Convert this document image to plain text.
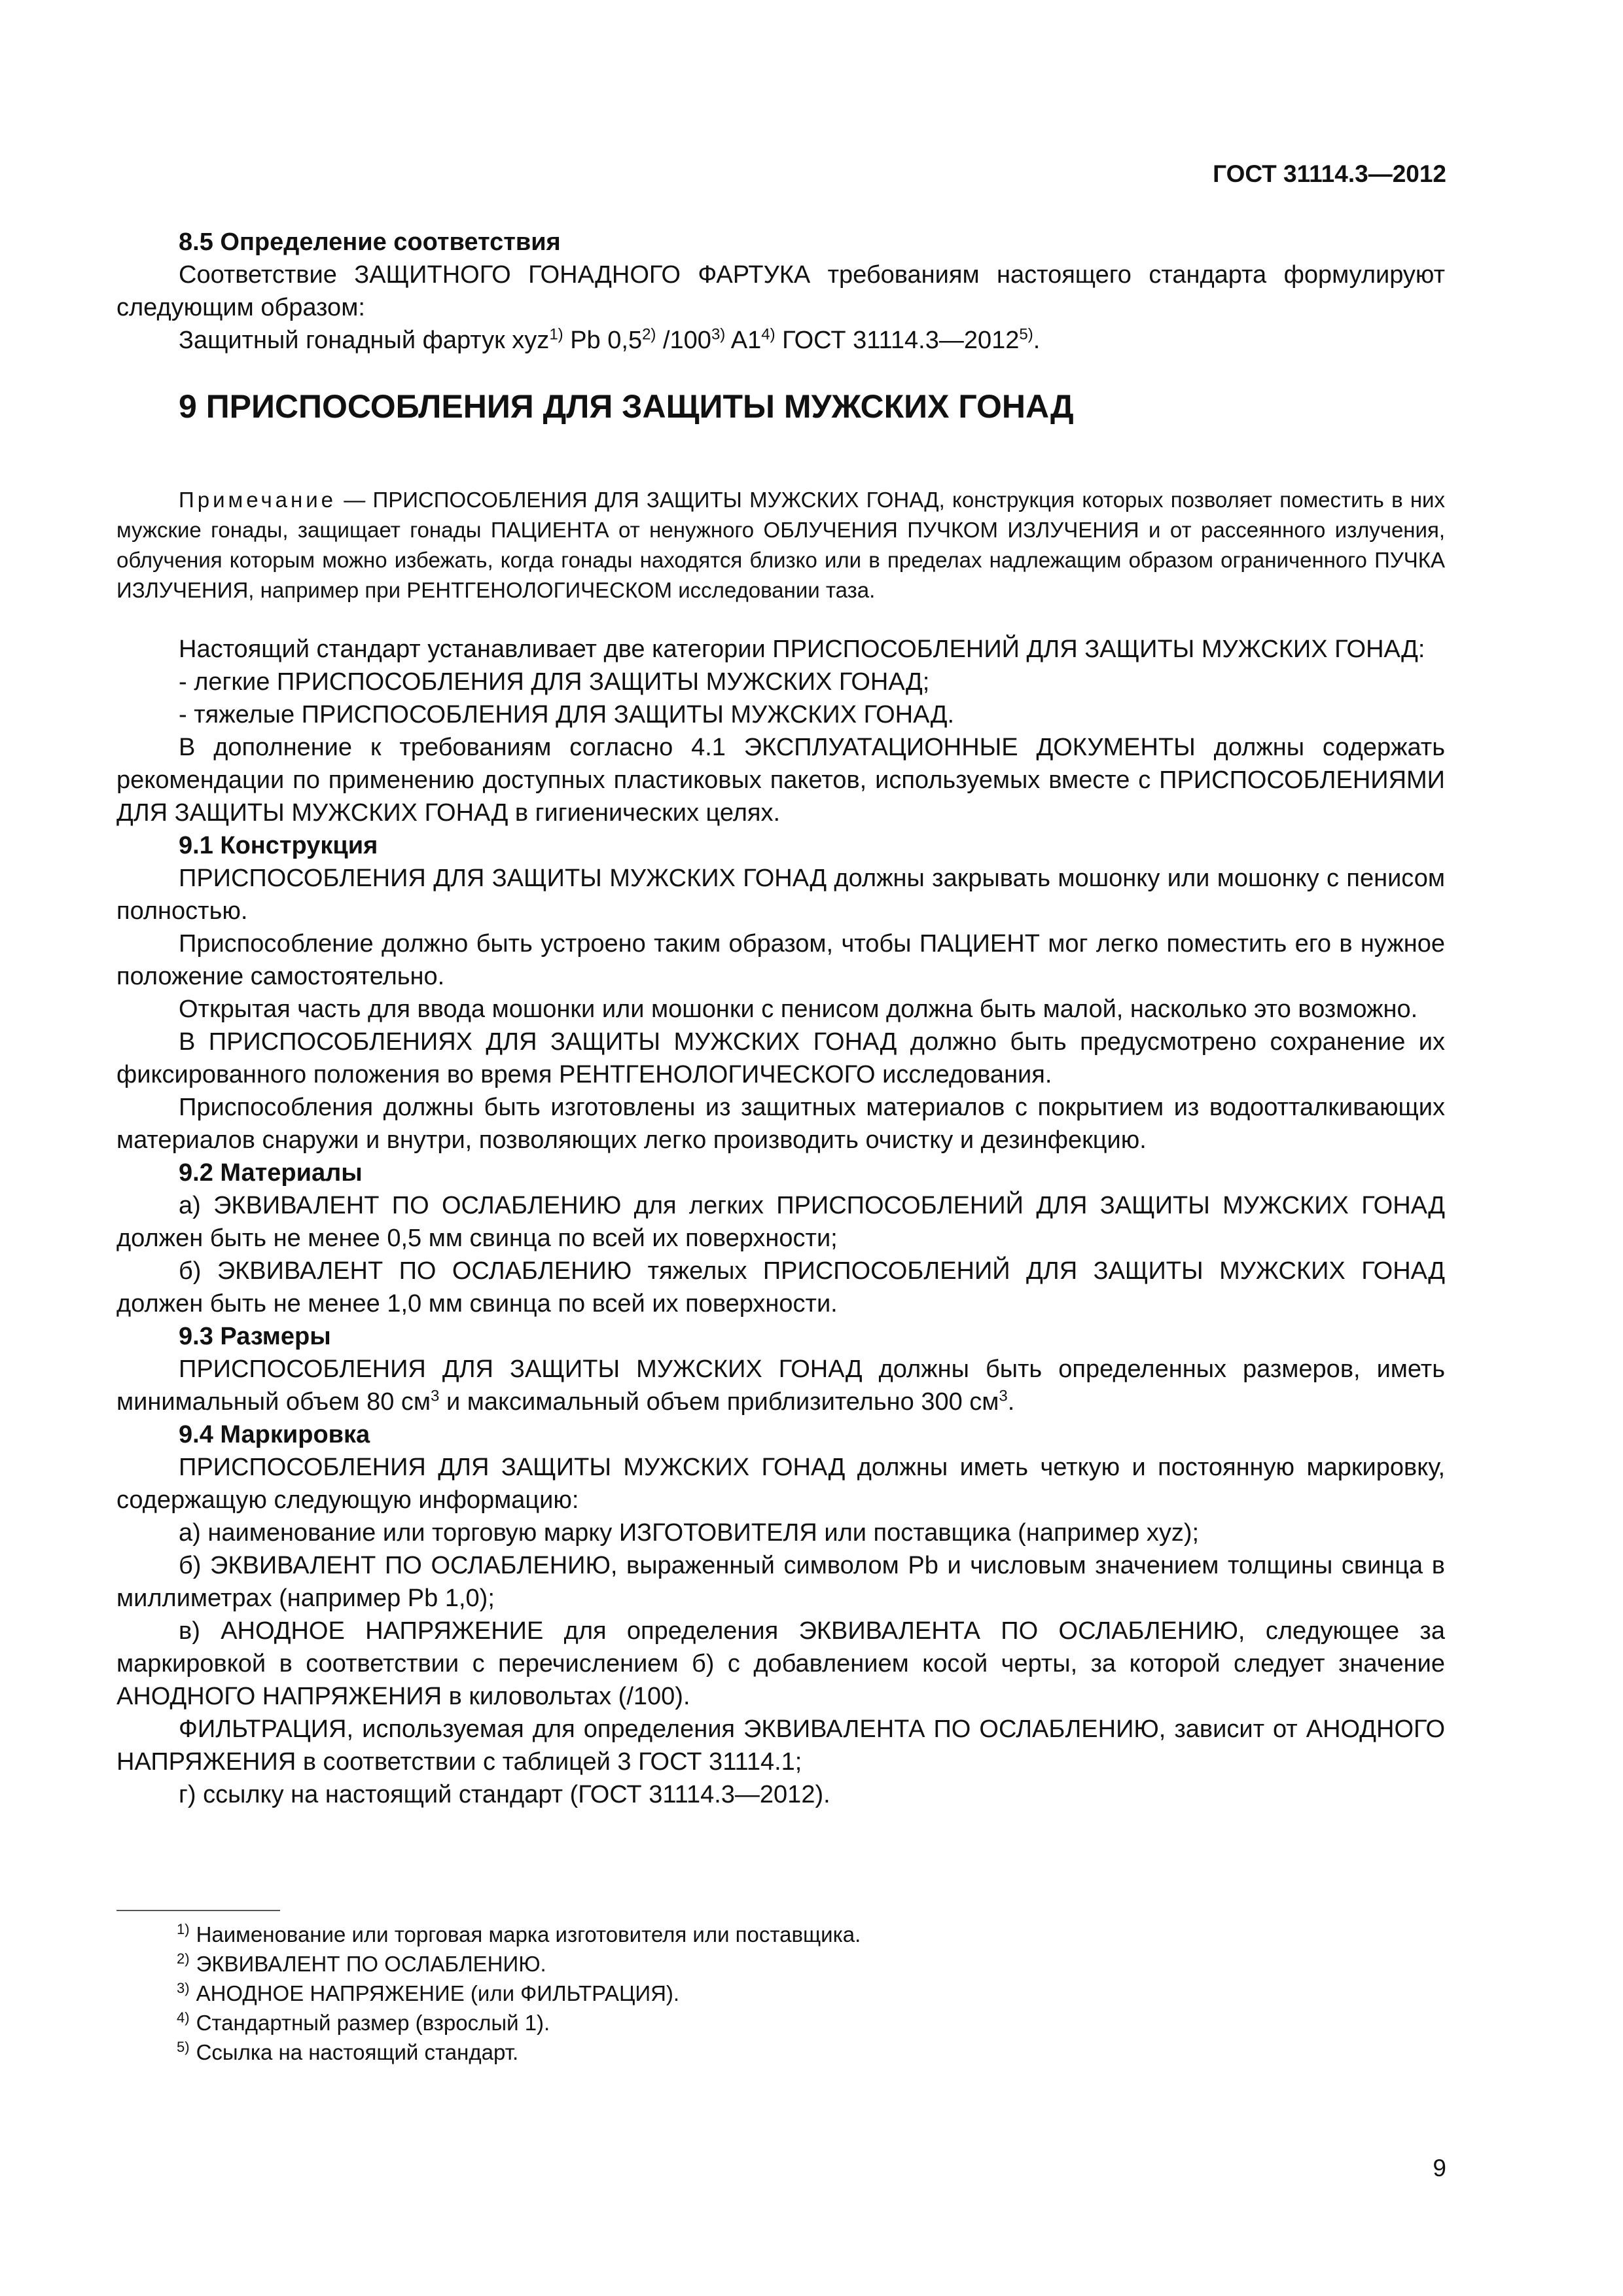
ГОСТ 31114.3—2012

8.5 Определение соответствия

Соответствие ЗАЩИТНОГО ГОНАДНОГО ФАРТУКА требованиям настоящего стандарта формулируют следующим образом:

Защитный гонадный фартук xyz$^{1)}$ Pb 0,5$^{2)}$ /100$^{3)}$ A1$^{4)}$ ГОСТ 31114.3—2012$^{5)}$.

9 ПРИСПОСОБЛЕНИЯ ДЛЯ ЗАЩИТЫ МУЖСКИХ ГОНАД

Примечание — ПРИСПОСОБЛЕНИЯ ДЛЯ ЗАЩИТЫ МУЖСКИХ ГОНАД, конструкция которых позволяет поместить в них мужские гонады, защищает гонады ПАЦИЕНТА от ненужного ОБЛУЧЕНИЯ ПУЧКОМ ИЗЛУЧЕНИЯ и от рассеянного излучения, облучения которым можно избежать, когда гонады находятся близко или в пределах надлежащим образом ограниченного ПУЧКА ИЗЛУЧЕНИЯ, например при РЕНТГЕНОЛОГИЧЕСКОМ исследовании таза.

Настоящий стандарт устанавливает две категории ПРИСПОСОБЛЕНИЙ ДЛЯ ЗАЩИТЫ МУЖСКИХ ГОНАД:

- легкие ПРИСПОСОБЛЕНИЯ ДЛЯ ЗАЩИТЫ МУЖСКИХ ГОНАД;

- тяжелые ПРИСПОСОБЛЕНИЯ ДЛЯ ЗАЩИТЫ МУЖСКИХ ГОНАД.

В дополнение к требованиям согласно 4.1 ЭКСПЛУАТАЦИОННЫЕ ДОКУМЕНТЫ должны содержать рекомендации по применению доступных пластиковых пакетов, используемых вместе с ПРИСПОСОБЛЕНИЯМИ ДЛЯ ЗАЩИТЫ МУЖСКИХ ГОНАД в гигиенических целях.

9.1 Конструкция

ПРИСПОСОБЛЕНИЯ ДЛЯ ЗАЩИТЫ МУЖСКИХ ГОНАД должны закрывать мошонку или мошонку с пенисом полностью.

Приспособление должно быть устроено таким образом, чтобы ПАЦИЕНТ мог легко поместить его в нужное положение самостоятельно.

Открытая часть для ввода мошонки или мошонки с пенисом должна быть малой, насколько это возможно.

В ПРИСПОСОБЛЕНИЯХ ДЛЯ ЗАЩИТЫ МУЖСКИХ ГОНАД должно быть предусмотрено сохранение их фиксированного положения во время РЕНТГЕНОЛОГИЧЕСКОГО исследования.

Приспособления должны быть изготовлены из защитных материалов с покрытием из водоотталкивающих материалов снаружи и внутри, позволяющих легко производить очистку и дезинфекцию.

9.2 Материалы

а) ЭКВИВАЛЕНТ ПО ОСЛАБЛЕНИЮ для легких ПРИСПОСОБЛЕНИЙ ДЛЯ ЗАЩИТЫ МУЖСКИХ ГОНАД должен быть не менее 0,5 мм свинца по всей их поверхности;

б) ЭКВИВАЛЕНТ ПО ОСЛАБЛЕНИЮ тяжелых ПРИСПОСОБЛЕНИЙ ДЛЯ ЗАЩИТЫ МУЖСКИХ ГОНАД должен быть не менее 1,0 мм свинца по всей их поверхности.

9.3 Размеры

ПРИСПОСОБЛЕНИЯ ДЛЯ ЗАЩИТЫ МУЖСКИХ ГОНАД должны быть определенных размеров, иметь минимальный объем 80 $см^3$ и максимальный объем приблизительно 300 $см^3$.

9.4 Маркировка

ПРИСПОСОБЛЕНИЯ ДЛЯ ЗАЩИТЫ МУЖСКИХ ГОНАД должны иметь четкую и постоянную маркировку, содержащую следующую информацию:

а) наименование или торговую марку ИЗГОТОВИТЕЛЯ или поставщика (например xyz);

б) ЭКВИВАЛЕНТ ПО ОСЛАБЛЕНИЮ, выраженный символом Pb и числовым значением толщины свинца в миллиметрах (например Pb 1,0);

в) АНОДНОЕ НАПРЯЖЕНИЕ для определения ЭКВИВАЛЕНТА ПО ОСЛАБЛЕНИЮ, следующее за маркировкой в соответствии с перечислением б) с добавлением косой черты, за которой следует значение АНОДНОГО НАПРЯЖЕНИЯ в киловольтах (/100).

ФИЛЬТРАЦИЯ, используемая для определения ЭКВИВАЛЕНТА ПО ОСЛАБЛЕНИЮ, зависит от АНОДНОГО НАПРЯЖЕНИЯ в соответствии с таблицей 3 ГОСТ 31114.1;

г) ссылку на настоящий стандарт (ГОСТ 31114.3—2012).

$^{1)}$ Наименование или торговая марка изготовителя или поставщика.
$^{2)}$ ЭКВИВАЛЕНТ ПО ОСЛАБЛЕНИЮ.
$^{3)}$ АНОДНОЕ НАПРЯЖЕНИЕ (или ФИЛЬТРАЦИЯ).
$^{4)}$ Стандартный размер (взрослый 1).
$^{5)}$ Ссылка на настоящий стандарт.
9
